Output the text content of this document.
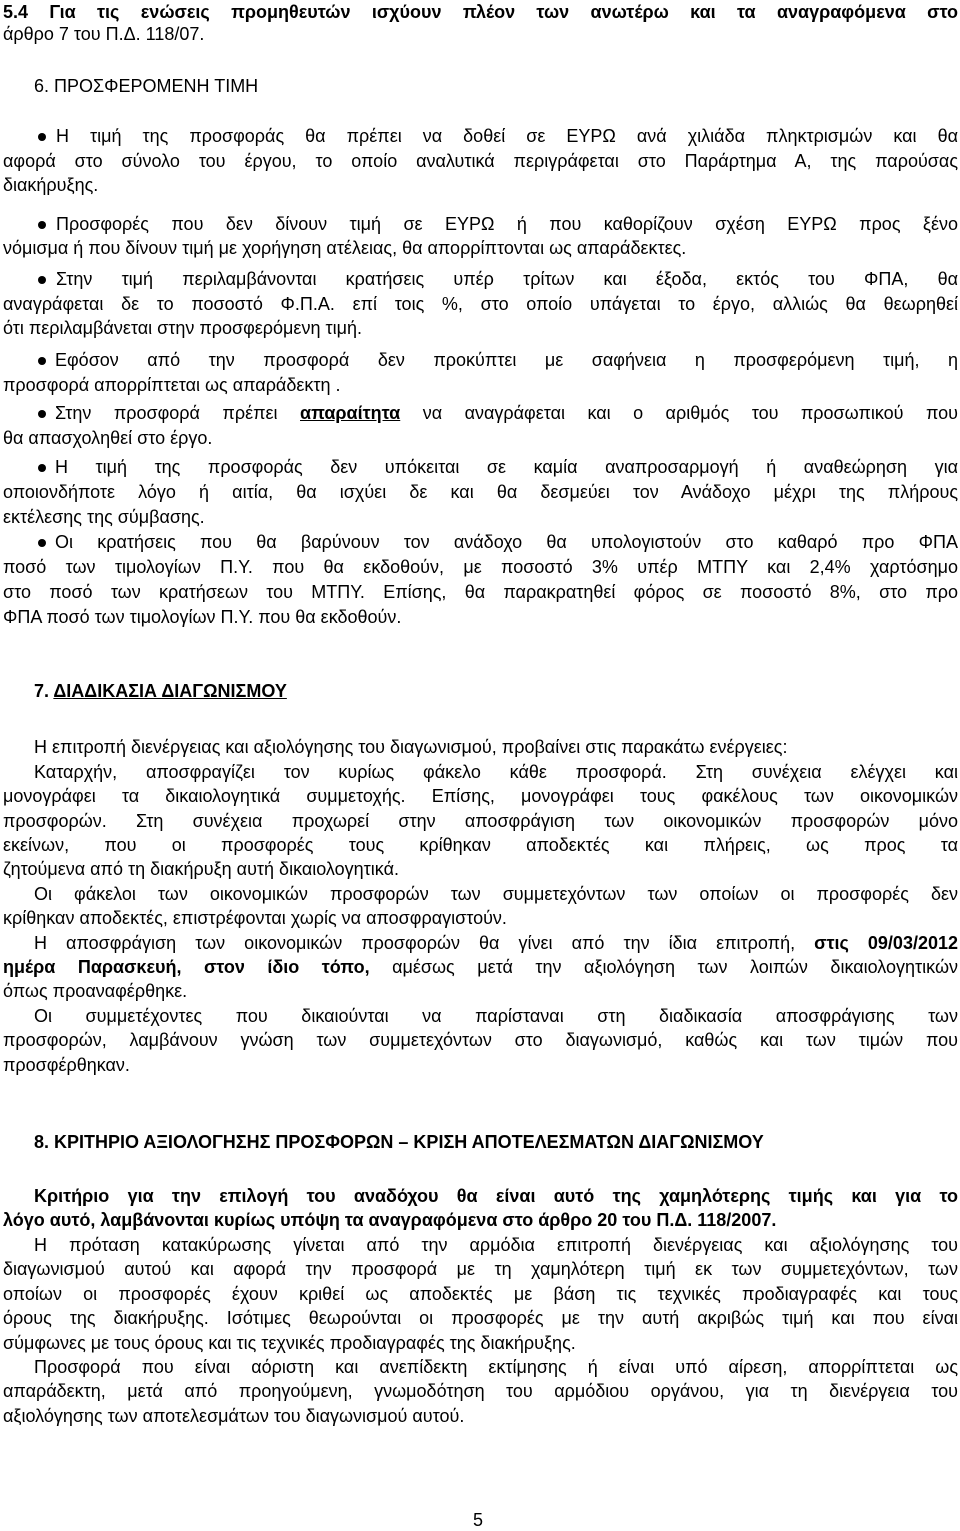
5.4 Για τις ενώσεις προμηθευτών ισχύουν πλέον των ανωτέρω και τα αναγραφόμενα στο
άρθρο 7 του Π.Δ. 118/07.
6. ΠΡΟΣΦΕΡΟΜΕΝΗ ΤΙΜΗ
Η τιμή της προσφοράς θα πρέπει να δοθεί σε ΕΥΡΩ ανά χιλιάδα πληκτρισμών και θα
αφορά στο σύνολο του έργου, το οποίο αναλυτικά περιγράφεται στο Παράρτημα Α, της παρούσας
διακήρυξης.
Προσφορές που δεν δίνουν τιμή σε ΕΥΡΩ ή που καθορίζουν σχέση ΕΥΡΩ προς ξένο
νόμισμα ή που δίνουν τιμή με χορήγηση ατέλειας, θα απορρίπτονται ως απαράδεκτες.
Στην τιμή περιλαμβάνονται κρατήσεις υπέρ τρίτων και έξοδα, εκτός του ΦΠΑ, θα
αναγράφεται δε το ποσοστό Φ.Π.Α. επί τοις %, στο οποίο υπάγεται το έργο, αλλιώς θα θεωρηθεί
ότι περιλαμβάνεται στην προσφερόμενη τιμή.
Εφόσον από την προσφορά δεν προκύπτει με σαφήνεια η προσφερόμενη τιμή, η
προσφορά απορρίπτεται ως απαράδεκτη .
Στην προσφορά πρέπει απαραίτητα να αναγράφεται και ο αριθμός του προσωπικού που
θα απασχοληθεί στο έργο.
Η τιμή της προσφοράς δεν υπόκειται σε καμία αναπροσαρμογή ή αναθεώρηση για
οποιονδήποτε λόγο ή αιτία, θα ισχύει δε και θα δεσμεύει τον Ανάδοχο μέχρι της πλήρους
εκτέλεσης της σύμβασης.
Οι κρατήσεις που θα βαρύνουν τον ανάδοχο θα υπολογιστούν στο καθαρό προ ΦΠΑ
ποσό των τιμολογίων Π.Υ. που θα εκδοθούν, με ποσοστό 3% υπέρ ΜΤΠΥ και 2,4% χαρτόσημο
στο ποσό των κρατήσεων του ΜΤΠΥ. Επίσης, θα παρακρατηθεί φόρος σε ποσοστό 8%, στο προ
ΦΠΑ ποσό των τιμολογίων Π.Υ. που θα εκδοθούν.
7. ΔΙΑΔΙΚΑΣΙΑ ΔΙΑΓΩΝΙΣΜΟΥ
Η επιτροπή διενέργειας και αξιολόγησης του διαγωνισμού, προβαίνει στις παρακάτω ενέργειες:
Καταρχήν, αποσφραγίζει τον κυρίως φάκελο κάθε προσφορά. Στη συνέχεια ελέγχει και
μονογράφει τα δικαιολογητικά συμμετοχής. Επίσης, μονογράφει τους φακέλους των οικονομικών
προσφορών. Στη συνέχεια προχωρεί στην αποσφράγιση των οικονομικών προσφορών μόνο
εκείνων, που οι προσφορές τους κρίθηκαν αποδεκτές και πλήρεις, ως προς τα
ζητούμενα από τη διακήρυξη αυτή δικαιολογητικά.
Οι φάκελοι των οικονομικών προσφορών των συμμετεχόντων των οποίων οι προσφορές δεν
κρίθηκαν αποδεκτές, επιστρέφονται χωρίς να αποσφραγιστούν.
Η αποσφράγιση των οικονομικών προσφορών θα γίνει από την ίδια επιτροπή, στις 09/03/2012
ημέρα Παρασκευή, στον ίδιο τόπο, αμέσως μετά την αξιολόγηση των λοιπών δικαιολογητικών
όπως προαναφέρθηκε.
Οι συμμετέχοντες που δικαιούνται να παρίσταναι στη διαδικασία αποσφράγισης των
προσφορών, λαμβάνουν γνώση των συμμετεχόντων στο διαγωνισμό, καθώς και των τιμών που
προσφέρθηκαν.
8. ΚΡΙΤΗΡΙΟ ΑΞΙΟΛΟΓΗΣΗΣ ΠΡΟΣΦΟΡΩΝ – ΚΡΙΣΗ ΑΠΟΤΕΛΕΣΜΑΤΩΝ ΔΙΑΓΩΝΙΣΜΟΥ
Κριτήριο για την επιλογή του αναδόχου θα είναι αυτό της χαμηλότερης τιμής και για το
λόγο αυτό, λαμβάνονται κυρίως υπόψη τα αναγραφόμενα στο άρθρο 20 του Π.Δ. 118/2007.
Η πρόταση κατακύρωσης γίνεται από την αρμόδια επιτροπή διενέργειας και αξιολόγησης του
διαγωνισμού αυτού και αφορά την προσφορά με τη χαμηλότερη τιμή εκ των συμμετεχόντων, των
οποίων οι προσφορές έχουν κριθεί ως αποδεκτές με βάση τις τεχνικές προδιαγραφές και τους
όρους της διακήρυξης. Ισότιμες θεωρούνται οι προσφορές με την αυτή ακριβώς τιμή και που είναι
σύμφωνες με τους όρους και τις τεχνικές προδιαγραφές της διακήρυξης.
Προσφορά που είναι αόριστη και ανεπίδεκτη εκτίμησης ή είναι υπό αίρεση, απορρίπτεται ως
απαράδεκτη, μετά από προηγούμενη, γνωμοδότηση του αρμόδιου οργάνου, για τη διενέργεια του
αξιολόγησης των αποτελεσμάτων του διαγωνισμού αυτού.
5
